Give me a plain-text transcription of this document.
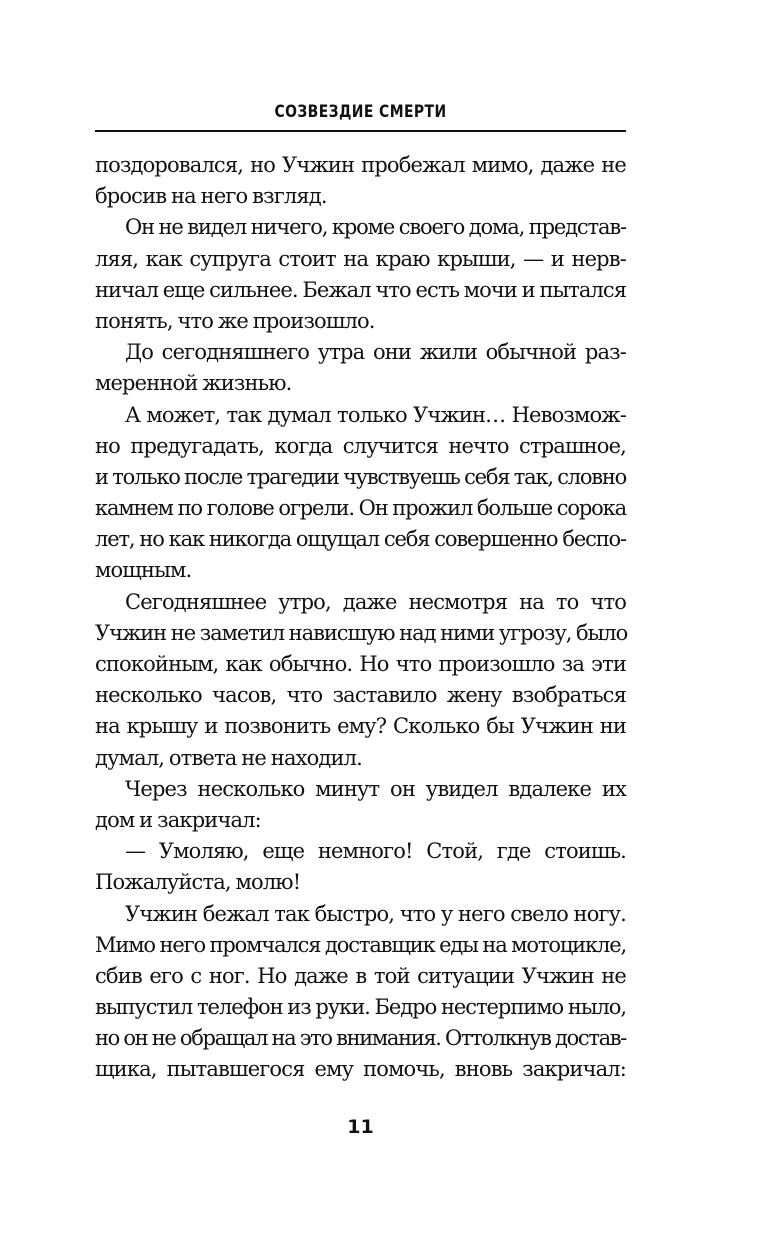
СОЗВЕЗДИЕ СМЕРТИ
поздоровался, но Учжин пробежал мимо, даже не
бросив на него взгляд.
Он не видел ничего, кроме своего дома, представ-
ляя, как супруга стоит на краю крыши, — и нерв-
ничал еще сильнее. Бежал что есть мочи и пытался
понять, что же произошло.
До сегодняшнего утра они жили обычной раз-
меренной жизнью.
А может, так думал только Учжин… Невозмож-
но предугадать, когда случится нечто страшное,
и только после трагедии чувствуешь себя так, словно
камнем по голове огрели. Он прожил больше сорока
лет, но как никогда ощущал себя совершенно беспо-
мощным.
Сегодняшнее утро, даже несмотря на то что
Учжин не заметил нависшую над ними угрозу, было
спокойным, как обычно. Но что произошло за эти
несколько часов, что заставило жену взобраться
на крышу и позвонить ему? Сколько бы Учжин ни
думал, ответа не находил.
Через несколько минут он увидел вдалеке их
дом и закричал:
— Умоляю, еще немного! Стой, где стоишь.
Пожалуйста, молю!
Учжин бежал так быстро, что у него свело ногу.
Мимо него промчался доставщик еды на мотоцикле,
сбив его с ног. Но даже в той ситуации Учжин не
выпустил телефон из руки. Бедро нестерпимо ныло,
но он не обращал на это внимания. Оттолкнув достав-
щика, пытавшегося ему помочь, вновь закричал:
11
